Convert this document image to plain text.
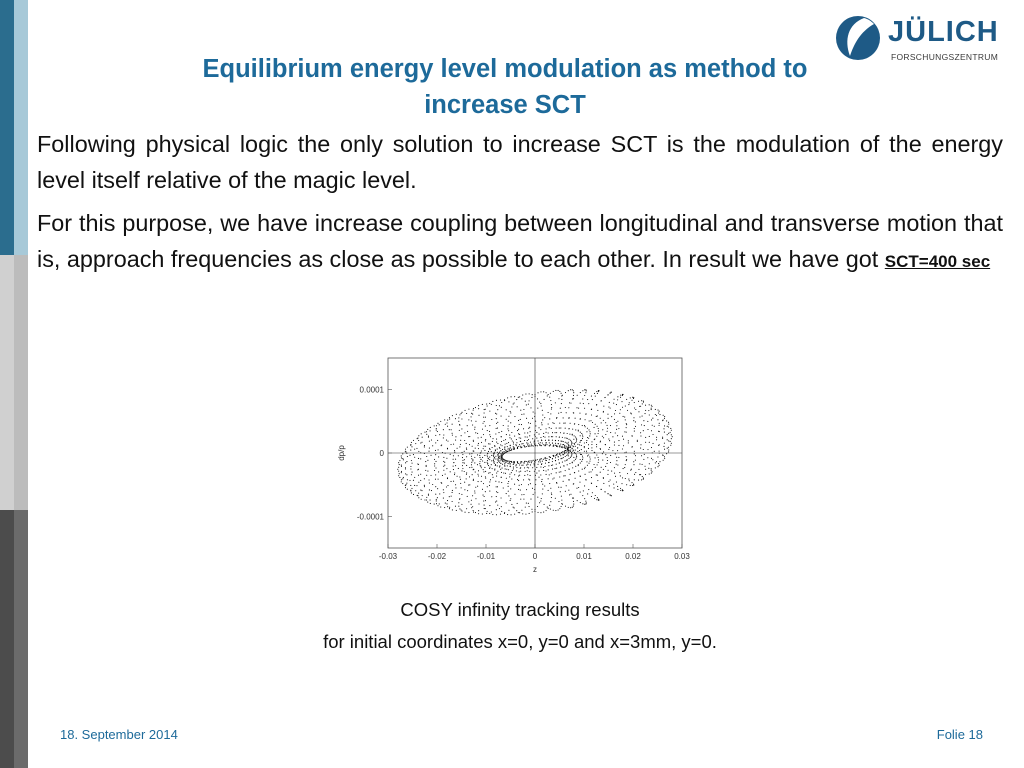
JÜLICH
FORSCHUNGSZENTRUM
Equilibrium energy level modulation as method to
increase SCT

Following physical logic the only solution to increase SCT is the modulation of the energy level itself relative of the magic level.

For this purpose, we have increase coupling between longitudinal and transverse motion that is, approach frequencies as close as possible to each other. In result we have got SCT=400 sec

-0.03	-0.02	-0.01	0	0.01	0.02	0.03
-0.0001
0
0.0001
z
dp/p
COSY infinity tracking results
for initial coordinates x=0, y=0 and x=3mm, y=0.
18. September 2014	Folie 18
